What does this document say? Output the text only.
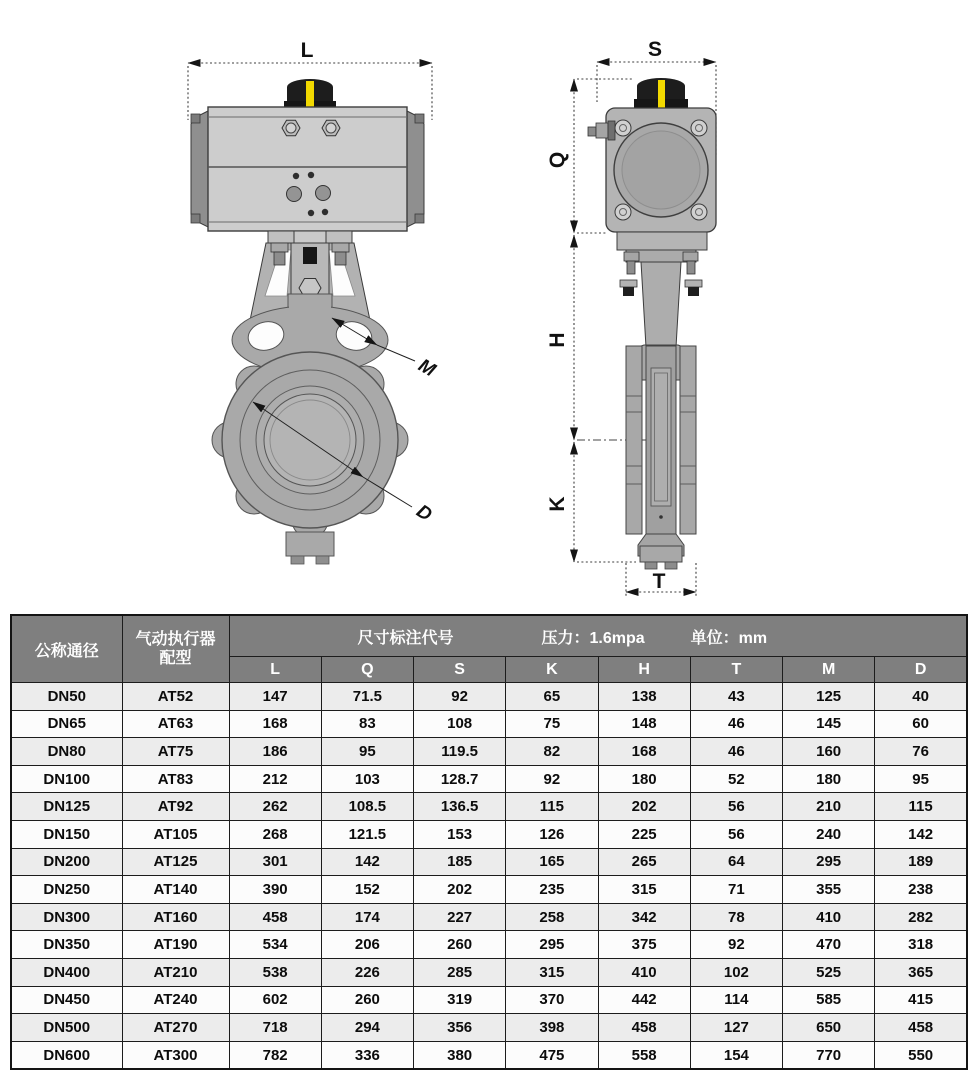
L
M
D
S
Q
H
K
T
公称通径	
气动执行器
配型

尺寸标注代号	压力：1.6mpa	单位：mm

		L	Q	S	K	H	T	M	D
DN50	AT52	147	71.5	92	65	138	43	125	40
DN65	AT63	168	83	108	75	148	46	145	60
DN80	AT75	186	95	119.5	82	168	46	160	76
DN100	AT83	212	103	128.7	92	180	52	180	95
DN125	AT92	262	108.5	136.5	115	202	56	210	115
DN150	AT105	268	121.5	153	126	225	56	240	142
DN200	AT125	301	142	185	165	265	64	295	189
DN250	AT140	390	152	202	235	315	71	355	238
DN300	AT160	458	174	227	258	342	78	410	282
DN350	AT190	534	206	260	295	375	92	470	318
DN400	AT210	538	226	285	315	410	102	525	365
DN450	AT240	602	260	319	370	442	114	585	415
DN500	AT270	718	294	356	398	458	127	650	458
DN600	AT300	782	336	380	475	558	154	770	550
